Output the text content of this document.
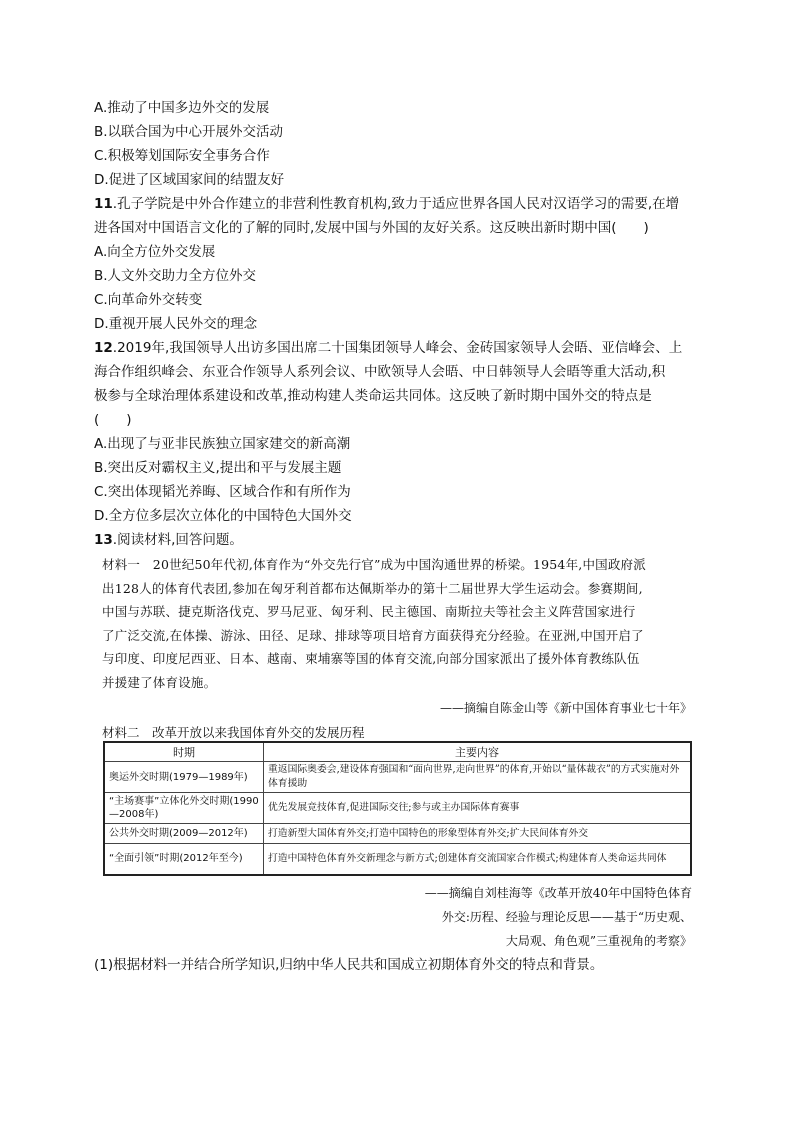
A.推动了中国多边外交的发展
B.以联合国为中心开展外交活动
C.积极筹划国际安全事务合作
D.促进了区域国家间的结盟友好
11.孔子学院是中外合作建立的非营利性教育机构,致力于适应世界各国人民对汉语学习的需要,在增
进各国对中国语言文化的了解的同时,发展中国与外国的友好关系。这反映出新时期中国(　　)
A.向全方位外交发展
B.人文外交助力全方位外交
C.向革命外交转变
D.重视开展人民外交的理念
12.2019年,我国领导人出访多国出席二十国集团领导人峰会、金砖国家领导人会晤、亚信峰会、上
海合作组织峰会、东亚合作领导人系列会议、中欧领导人会晤、中日韩领导人会晤等重大活动,积
极参与全球治理体系建设和改革,推动构建人类命运共同体。这反映了新时期中国外交的特点是
(　　)
A.出现了与亚非民族独立国家建交的新高潮
B.突出反对霸权主义,提出和平与发展主题
C.突出体现韬光养晦、区域合作和有所作为
D.全方位多层次立体化的中国特色大国外交
13.阅读材料,回答问题。
材料一　20世纪50年代初,体育作为“外交先行官”成为中国沟通世界的桥梁。1954年,中国政府派
出128人的体育代表团,参加在匈牙利首都布达佩斯举办的第十二届世界大学生运动会。参赛期间,
中国与苏联、捷克斯洛伐克、罗马尼亚、匈牙利、民主德国、南斯拉夫等社会主义阵营国家进行
了广泛交流,在体操、游泳、田径、足球、排球等项目培育方面获得充分经验。在亚洲,中国开启了
与印度、印度尼西亚、日本、越南、柬埔寨等国的体育交流,向部分国家派出了援外体育教练队伍
并援建了体育设施。
——摘编自陈金山等《新中国体育事业七十年》
材料二　改革开放以来我国体育外交的发展历程
时期	主要内容
奥运外交时期(1979—1989年)	重返国际奥委会,建设体育强国和“面向世界,走向世界”的体育,开始以“量体裁衣”的方式实施对外体育援助
“主场赛事”立体化外交时期(1990—2008年)	优先发展竞技体育,促进国际交往;参与或主办国际体育赛事
公共外交时期(2009—2012年)	打造新型大国体育外交;打造中国特色的形象型体育外交;扩大民间体育外交
“全面引领”时期(2012年至今)	打造中国特色体育外交新理念与新方式;创建体育交流国家合作模式;构建体育人类命运共同体
——摘编自刘桂海等《改革开放40年中国特色体育
外交:历程、经验与理论反思——基于“历史观、
大局观、角色观”三重视角的考察》
(1)根据材料一并结合所学知识,归纳中华人民共和国成立初期体育外交的特点和背景。
